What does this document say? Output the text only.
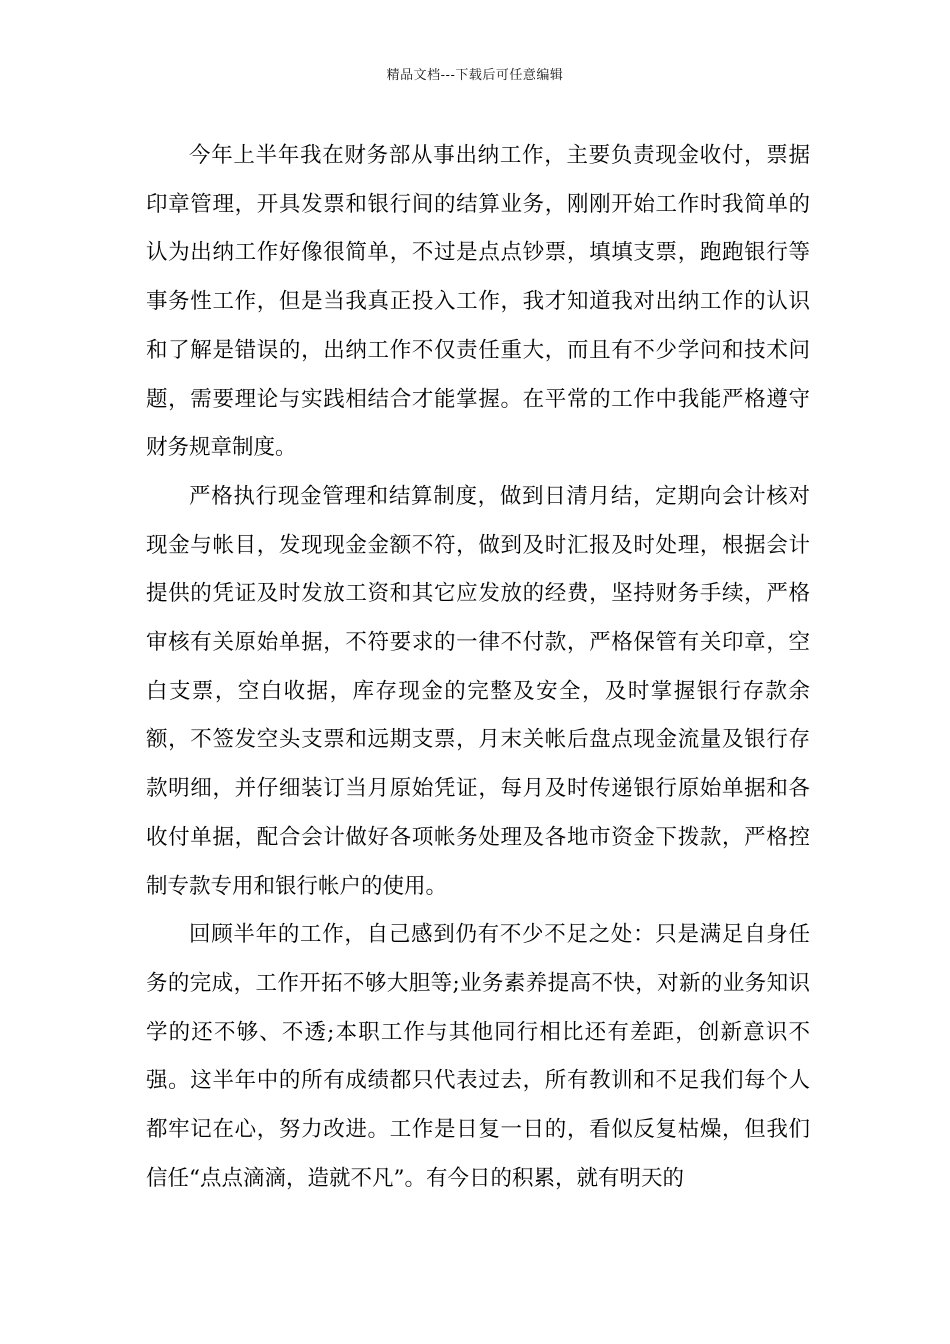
精品文档---下载后可任意编辑

今年上半年我在财务部从事出纳工作，主要负责现金收付，票据印章管理，开具发票和银行间的结算业务，刚刚开始工作时我简单的认为出纳工作好像很简单，不过是点点钞票，填填支票，跑跑银行等事务性工作，但是当我真正投入工作，我才知道我对出纳工作的认识和了解是错误的，出纳工作不仅责任重大，而且有不少学问和技术问题，需要理论与实践相结合才能掌握。在平常的工作中我能严格遵守财务规章制度。

严格执行现金管理和结算制度，做到日清月结，定期向会计核对现金与帐目，发现现金金额不符，做到及时汇报及时处理，根据会计提供的凭证及时发放工资和其它应发放的经费，坚持财务手续，严格审核有关原始单据，不符要求的一律不付款，严格保管有关印章，空白支票，空白收据，库存现金的完整及安全，及时掌握银行存款余额，不签发空头支票和远期支票，月末关帐后盘点现金流量及银行存款明细，并仔细装订当月原始凭证，每月及时传递银行原始单据和各收付单据，配合会计做好各项帐务处理及各地市资金下拨款，严格控制专款专用和银行帐户的使用。

回顾半年的工作，自己感到仍有不少不足之处：只是满足自身任务的完成，工作开拓不够大胆等;业务素养提高不快，对新的业务知识学的还不够、不透;本职工作与其他同行相比还有差距，创新意识不强。这半年中的所有成绩都只代表过去，所有教训和不足我们每个人都牢记在心，努力改进。工作是日复一日的，看似反复枯燥，但我们信任“点点滴滴，造就不凡”。有今日的积累，就有明天的
